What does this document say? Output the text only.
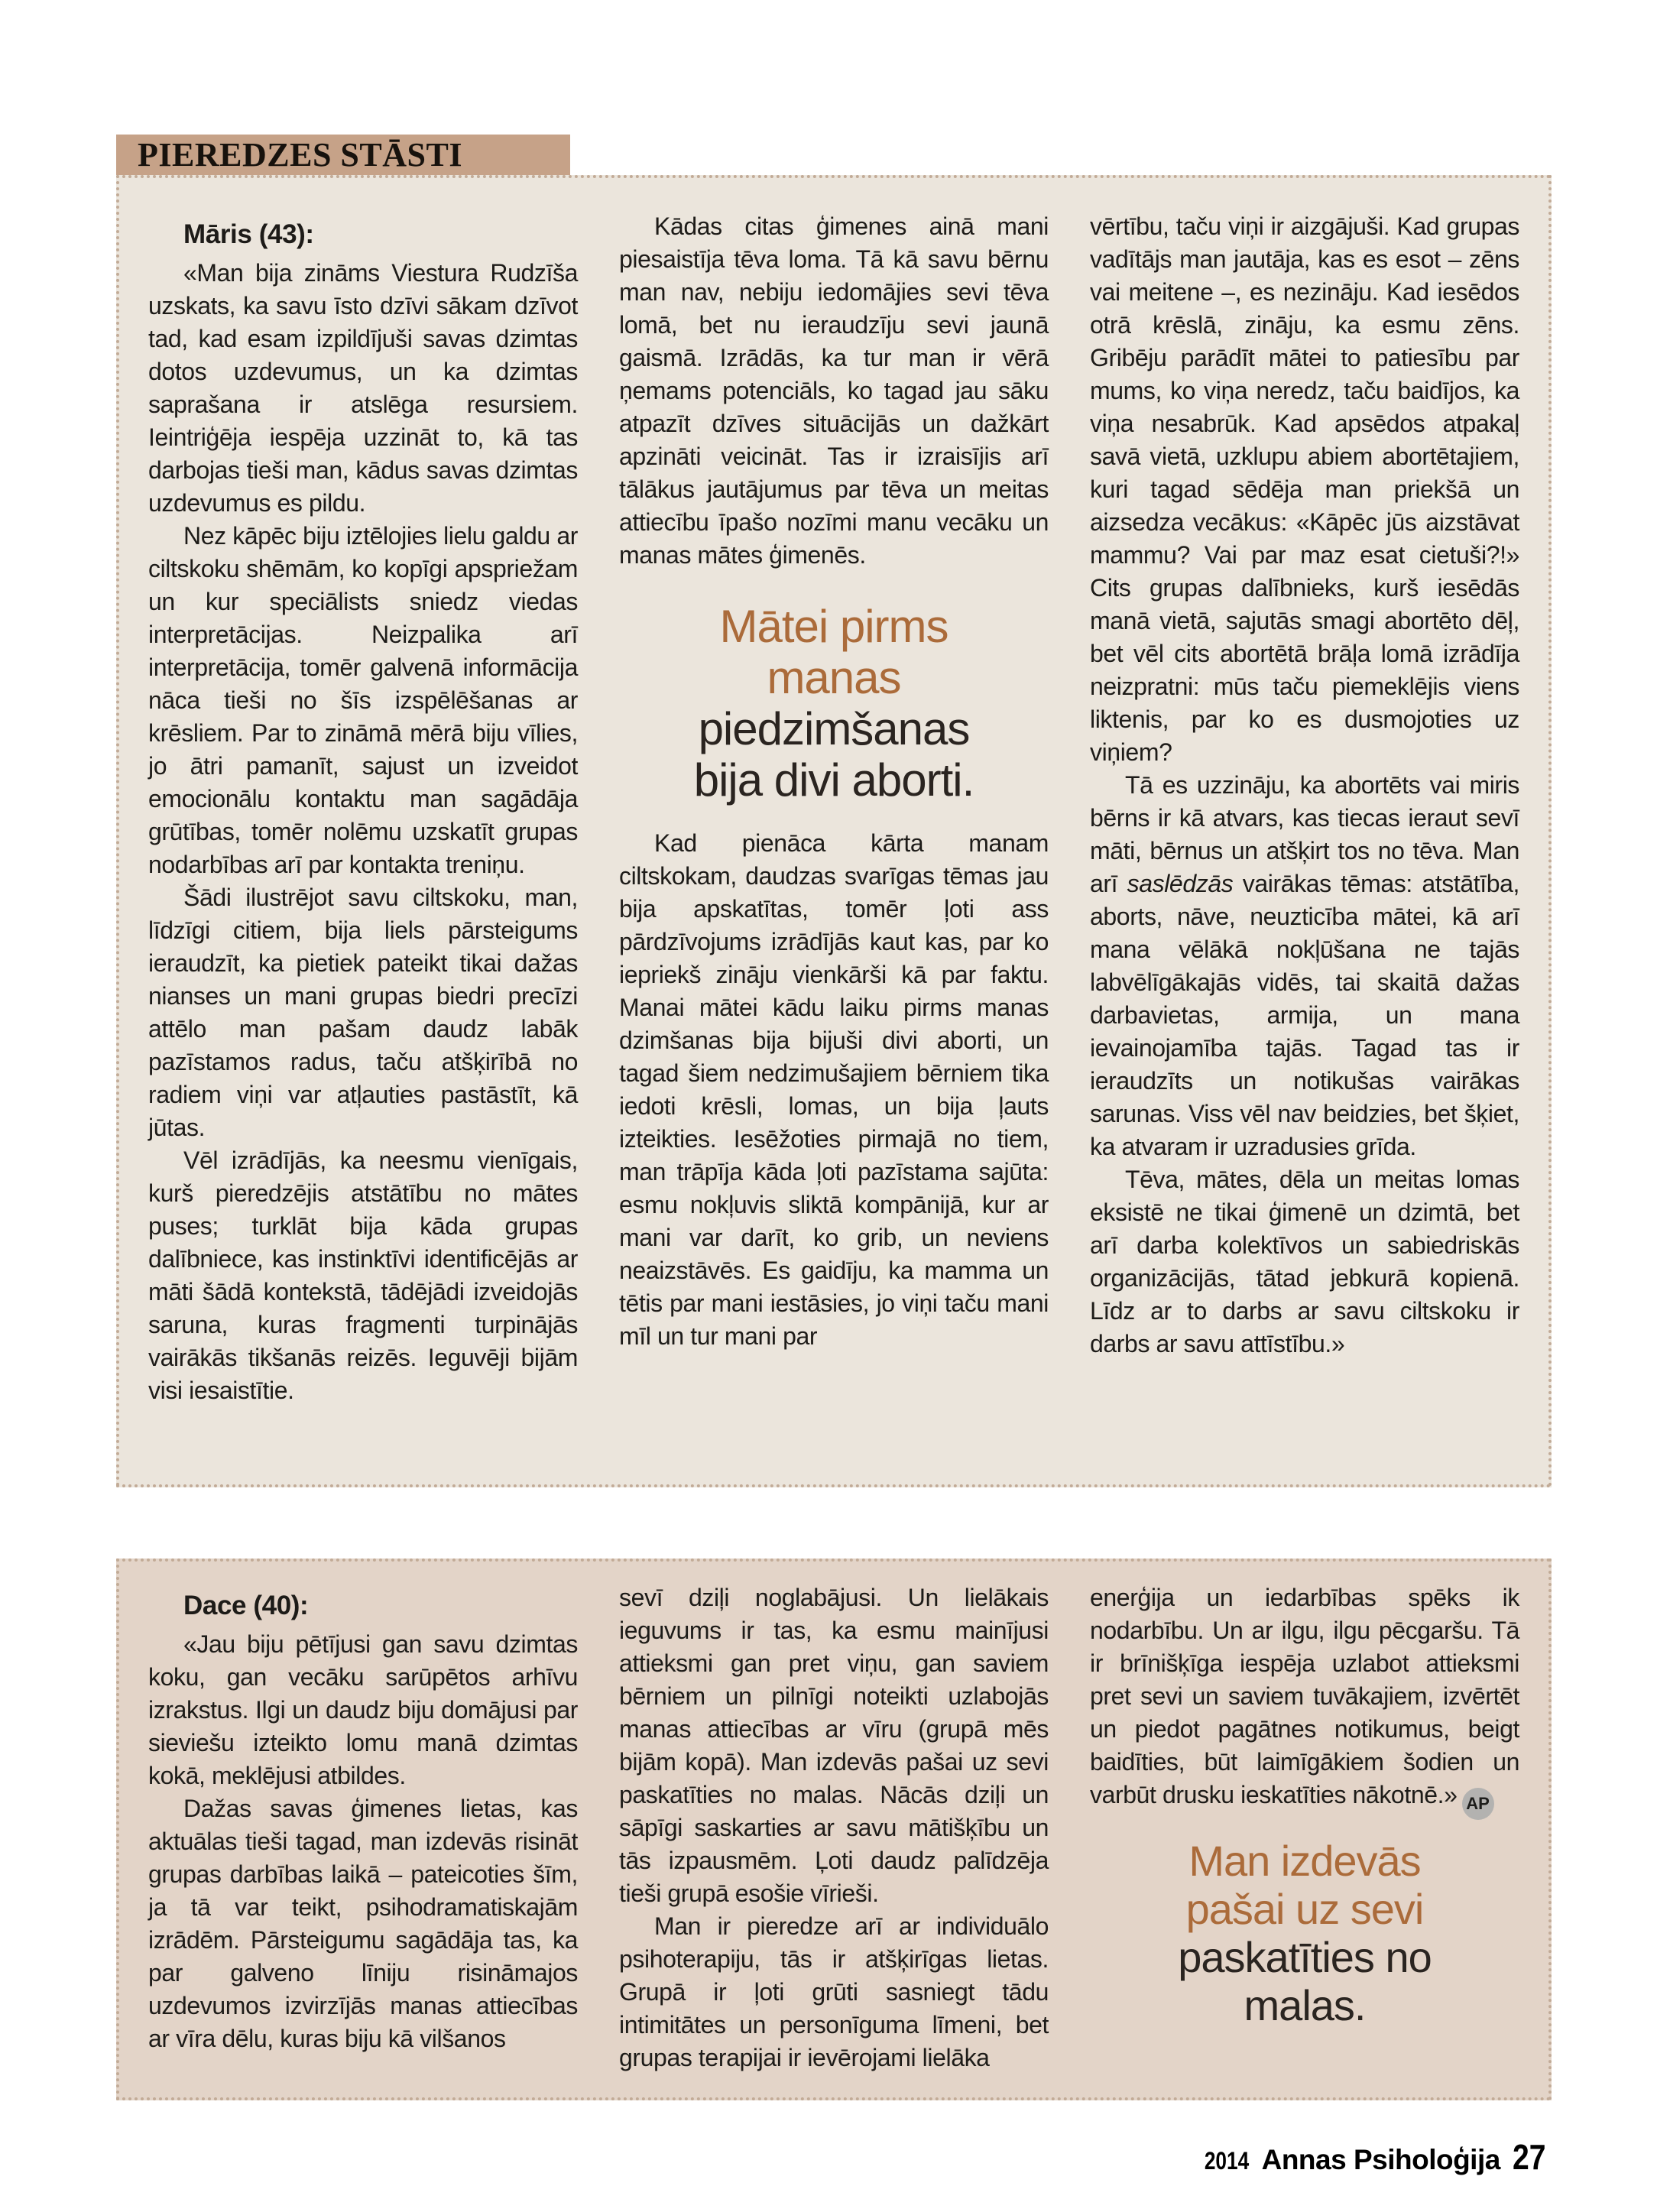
PIEREDZES STĀSTI

Māris (43):

«Man bija zināms Viestura Rudzīša uzskats, ka savu īsto dzīvi sākam dzīvot tad, kad esam izpildījuši savas dzimtas dotos uzdevumus, un ka dzimtas saprašana ir atslēga resursiem. Ieintriģēja iespēja uzzināt to, kā tas darbojas tieši man, kādus savas dzimtas uzdevumus es pildu.

Nez kāpēc biju iztēlojies lielu galdu ar ciltskoku shēmām, ko kopīgi apspriežam un kur speciālists sniedz viedas interpretācijas. Neizpalika arī interpretācija, tomēr galvenā informācija nāca tieši no šīs izspēlēšanas ar krēsliem. Par to zināmā mērā biju vīlies, jo ātri pamanīt, sajust un izveidot emocionālu kontaktu man sagādāja grūtības, tomēr nolēmu uzskatīt grupas nodarbības arī par kontakta treniņu.

Šādi ilustrējot savu ciltskoku, man, līdzīgi citiem, bija liels pārsteigums ieraudzīt, ka pietiek pateikt tikai dažas nianses un mani grupas biedri precīzi attēlo man pašam daudz labāk pazīstamos radus, taču atšķirībā no radiem viņi var atļauties pastāstīt, kā jūtas.

Vēl izrādījās, ka neesmu vienīgais, kurš pieredzējis atstātību no mātes puses; turklāt bija kāda grupas dalībniece, kas instinktīvi identificējās ar māti šādā kontekstā, tādējādi izveidojās saruna, kuras fragmenti turpinājās vairākās tikšanās reizēs. Ieguvēji bijām visi iesaistītie.

Kādas citas ģimenes ainā mani piesaistīja tēva loma. Tā kā savu bērnu man nav, nebiju iedomājies sevi tēva lomā, bet nu ieraudzīju sevi jaunā gaismā. Izrādās, ka tur man ir vērā ņemams potenciāls, ko tagad jau sāku atpazīt dzīves situācijās un dažkārt apzināti veicināt. Tas ir izraisījis arī tālākus jautājumus par tēva un meitas attiecību īpašo nozīmi manu vecāku un manas mātes ģimenēs.

Mātei pirms
manas
piedzimšanas
bija divi aborti.

Kad pienāca kārta manam ciltskokam, daudzas svarīgas tēmas jau bija apskatītas, tomēr ļoti ass pārdzīvojums izrādījās kaut kas, par ko iepriekš zināju vienkārši kā par faktu. Manai mātei kādu laiku pirms manas dzimšanas bija bijuši divi aborti, un tagad šiem nedzimušajiem bērniem tika iedoti krēsli, lomas, un bija ļauts izteikties. Iesēžoties pirmajā no tiem, man trāpīja kāda ļoti pazīstama sajūta: esmu nokļuvis sliktā kompānijā, kur ar mani var darīt, ko grib, un neviens neaizstāvēs. Es gaidīju, ka mamma un tētis par mani iestāsies, jo viņi taču mani mīl un tur mani par

vērtību, taču viņi ir aizgājuši. Kad grupas vadītājs man jautāja, kas es esot – zēns vai meitene –, es nezināju. Kad iesēdos otrā krēslā, zināju, ka esmu zēns. Gribēju parādīt mātei to patiesību par mums, ko viņa neredz, taču baidījos, ka viņa nesabrūk. Kad apsēdos atpakaļ savā vietā, uzklupu abiem abortētajiem, kuri tagad sēdēja man priekšā un aizsedza vecākus: «Kāpēc jūs aizstāvat mammu? Vai par maz esat cietuši?!» Cits grupas dalībnieks, kurš iesēdās manā vietā, sajutās smagi abortēto dēļ, bet vēl cits abortētā brāļa lomā izrādīja neizpratni: mūs taču piemeklējis viens liktenis, par ko es dusmojoties uz viņiem?

Tā es uzzināju, ka abortēts vai miris bērns ir kā atvars, kas tiecas ieraut sevī māti, bērnus un atšķirt tos no tēva. Man arī saslēdzās vairākas tēmas: atstātība, aborts, nāve, neuzticība mātei, kā arī mana vēlākā nokļūšana ne tajās labvēlīgākajās vidēs, tai skaitā dažas darbavietas, armija, un mana ievainojamība tajās. Tagad tas ir ieraudzīts un notikušas vairākas sarunas. Viss vēl nav beidzies, bet šķiet, ka atvaram ir uzradusies grīda.

Tēva, mātes, dēla un meitas lomas eksistē ne tikai ģimenē un dzimtā, bet arī darba kolektīvos un sabiedriskās organizācijās, tātad jebkurā kopienā. Līdz ar to darbs ar savu ciltskoku ir darbs ar savu attīstību.»

Dace (40):

«Jau biju pētījusi gan savu dzimtas koku, gan vecāku sarūpētos arhīvu izrakstus. Ilgi un daudz biju domājusi par sieviešu izteikto lomu manā dzimtas kokā, meklējusi atbildes.

Dažas savas ģimenes lietas, kas aktuālas tieši tagad, man izdevās risināt grupas darbības laikā – pateicoties šīm, ja tā var teikt, psihodramatiskajām izrādēm. Pārsteigumu sagādāja tas, ka par galveno līniju risināmajos uzdevumos izvirzījās manas attiecības ar vīra dēlu, kuras biju kā vilšanos

sevī dziļi noglabājusi. Un lielākais ieguvums ir tas, ka esmu mainījusi attieksmi gan pret viņu, gan saviem bērniem un pilnīgi noteikti uzlabojās manas attiecības ar vīru (grupā mēs bijām kopā). Man izdevās pašai uz sevi paskatīties no malas. Nācās dziļi un sāpīgi saskarties ar savu mātišķību un tās izpausmēm. Ļoti daudz palīdzēja tieši grupā esošie vīrieši.

Man ir pieredze arī ar individuālo psihoterapiju, tās ir atšķirīgas lietas. Grupā ir ļoti grūti sasniegt tādu intimitātes un personīguma līmeni, bet grupas terapijai ir ievērojami lielāka

enerģija un iedarbības spēks ik nodarbību. Un ar ilgu, ilgu pēcgaršu. Tā ir brīnišķīga iespēja uzlabot attieksmi pret sevi un saviem tuvākajiem, izvērtēt un piedot pagātnes notikumus, beigt baidīties, būt laimīgākiem šodien un varbūt drusku ieskatīties nākotnē.» AP

Man izdevās
pašai uz sevi
paskatīties no
malas.
2014 Annas Psiholoģija 27
